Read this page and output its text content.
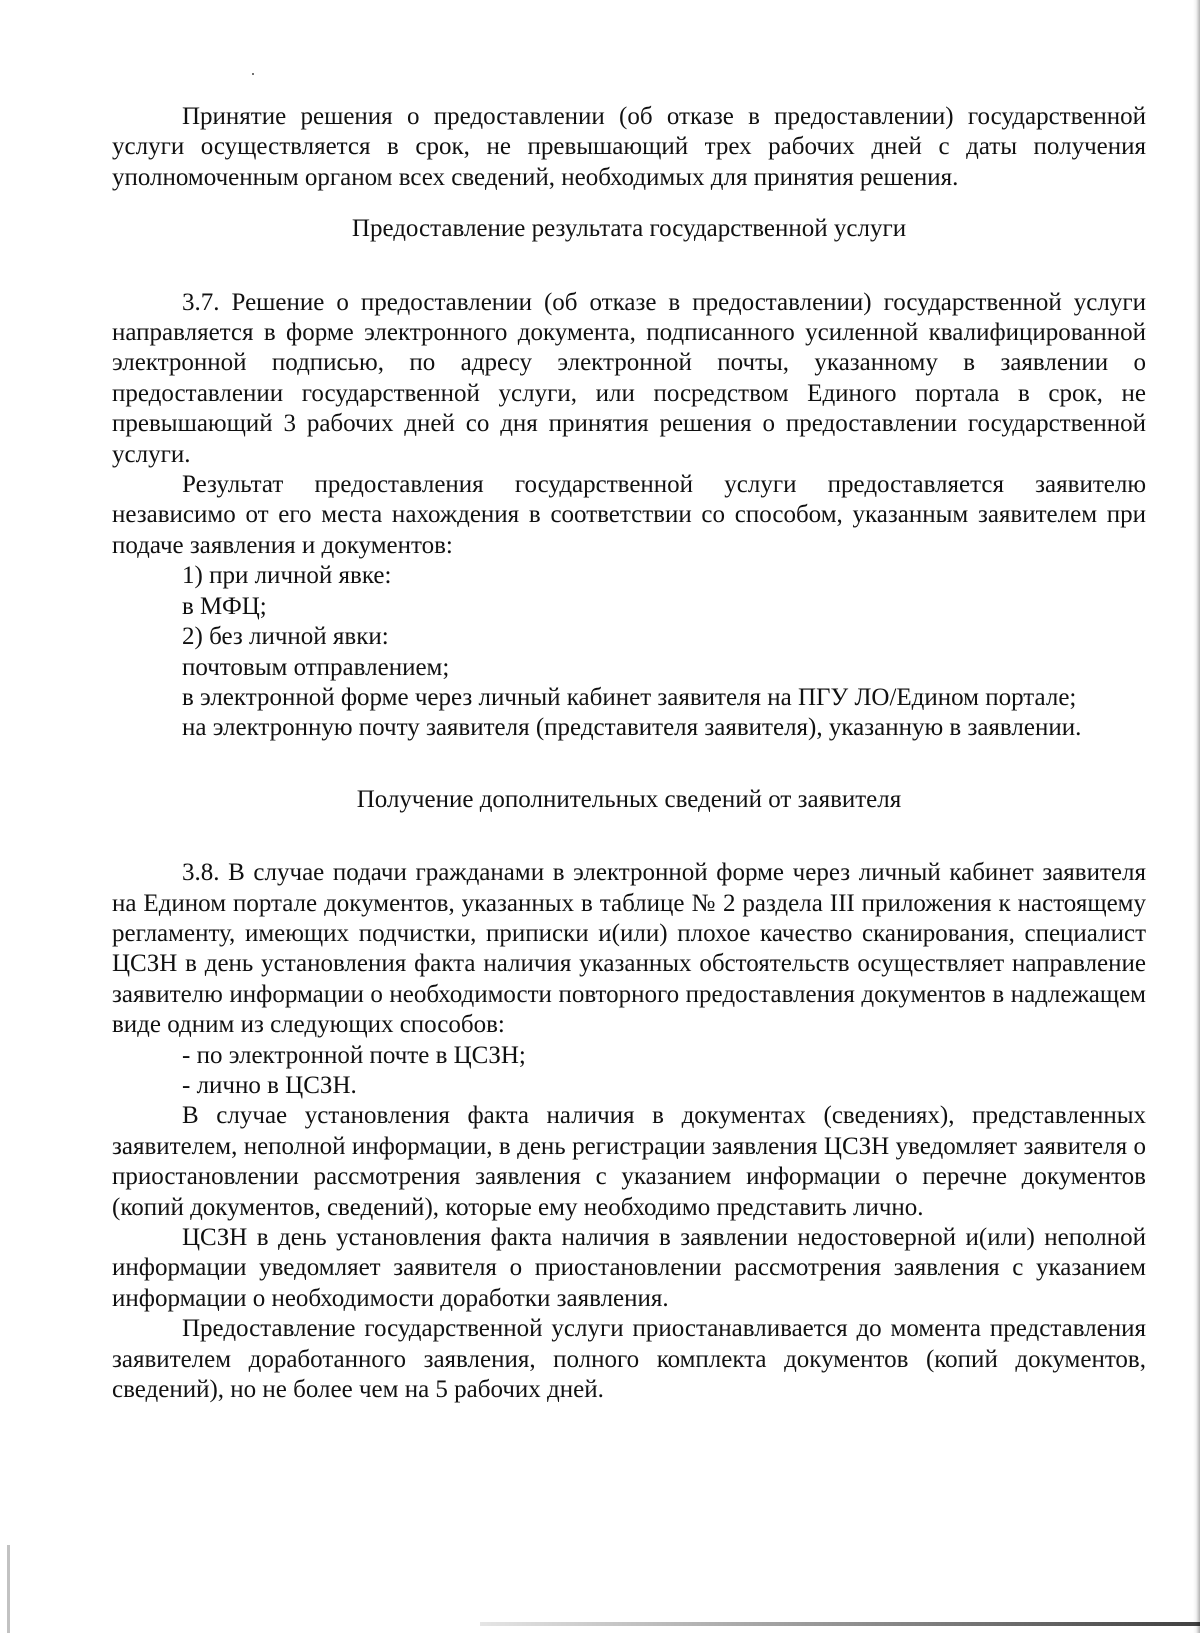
Принятие решения о предоставлении (об отказе в предоставлении) государственной услуги осуществляется в срок, не превышающий трех рабочих дней с даты получения уполномоченным органом всех сведений, необходимых для принятия решения.

Предоставление результата государственной услуги

3.7. Решение о предоставлении (об отказе в предоставлении) государственной услуги направляется в форме электронного документа, подписанного усиленной квалифицированной электронной подписью, по адресу электронной почты, указанному в заявлении о предоставлении государственной услуги, или посредством Единого портала в срок, не превышающий 3 рабочих дней со дня принятия решения о предоставлении государственной услуги.

Результат предоставления государственной услуги предоставляется заявителю независимо от его места нахождения в соответствии со способом, указанным заявителем при подаче заявления и документов:

1) при личной явке:

в МФЦ;

2) без личной явки:

почтовым отправлением;

в электронной форме через личный кабинет заявителя на ПГУ ЛО/Едином портале;

на электронную почту заявителя (представителя заявителя), указанную в заявлении.

Получение дополнительных сведений от заявителя

3.8. В случае подачи гражданами в электронной форме через личный кабинет заявителя на Едином портале документов, указанных в таблице № 2 раздела III приложения к настоящему регламенту, имеющих подчистки, приписки и(или) плохое качество сканирования, специалист ЦСЗН в день установления факта наличия указанных обстоятельств осуществляет направление заявителю информации о необходимости повторного предоставления документов в надлежащем виде одним из следующих способов:

- по электронной почте в ЦСЗН;

- лично в ЦСЗН.

В случае установления факта наличия в документах (сведениях), представленных заявителем, неполной информации, в день регистрации заявления ЦСЗН уведомляет заявителя о приостановлении рассмотрения заявления с указанием информации о перечне документов (копий документов, сведений), которые ему необходимо представить лично.

ЦСЗН в день установления факта наличия в заявлении недостоверной и(или) неполной информации уведомляет заявителя о приостановлении рассмотрения заявления с указанием информации о необходимости доработки заявления.

Предоставление государственной услуги приостанавливается до момента представления заявителем доработанного заявления, полного комплекта документов (копий документов, сведений), но не более чем на 5 рабочих дней.
